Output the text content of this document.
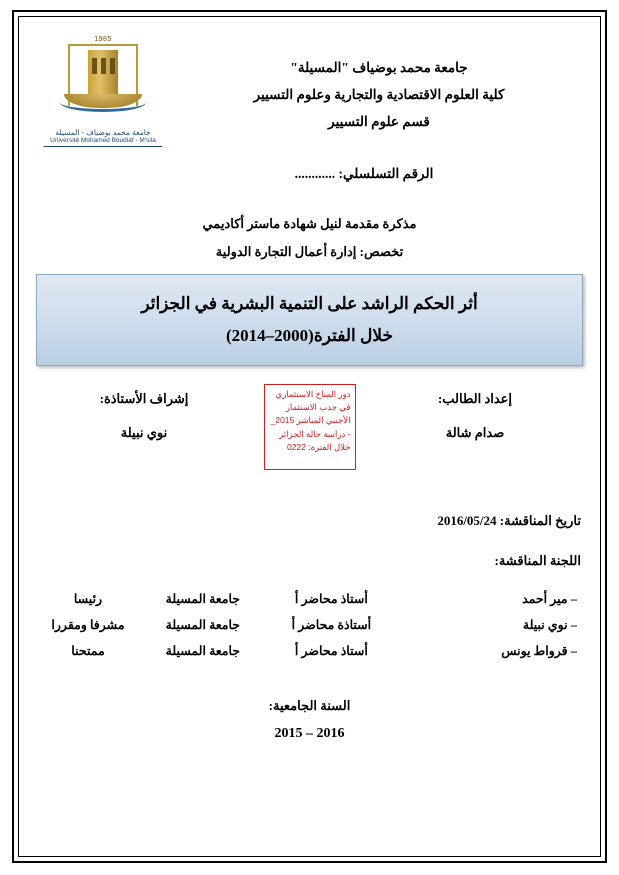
1985
جامعة محمد بوضياف - المسيلة
Université Mohamed Boudiaf - M'sila
جامعة محمد بوضياف "المسيلة"
كلية العلوم الاقتصادية والتجارية وعلوم التسيير
قسم علوم التسيير
الرقم التسلسلي: ............
مذكرة مقدمة لنيل شهادة ماستر أكاديمي
تخصص: إدارة أعمال التجارة الدولية
أثر الحكم الراشد على التنمية البشرية في الجزائر
خلال الفترة(2000–2014)
إعداد الطالب:
صدام شالة
إشراف الأستاذة:
نوي نبيلة
دور المناخ الاستثماري
في جذب الاستثمار
الأجنبي المباشر 2015_
- دراسة حالة الجزائر
خلال الفترة: 0222
تاريخ المناقشة: 2016/05/24
اللجنة المناقشة:
– مير أحمد	أستاذ محاضر أ	جامعة المسيلة	رئيسا
– نوي نبيلة	أستاذة محاضر أ	جامعة المسيلة	مشرفا ومقررا
– قرواط يونس	أستاذ محاضر أ	جامعة المسيلة	ممتحنا
السنة الجامعية:
2015 – 2016
